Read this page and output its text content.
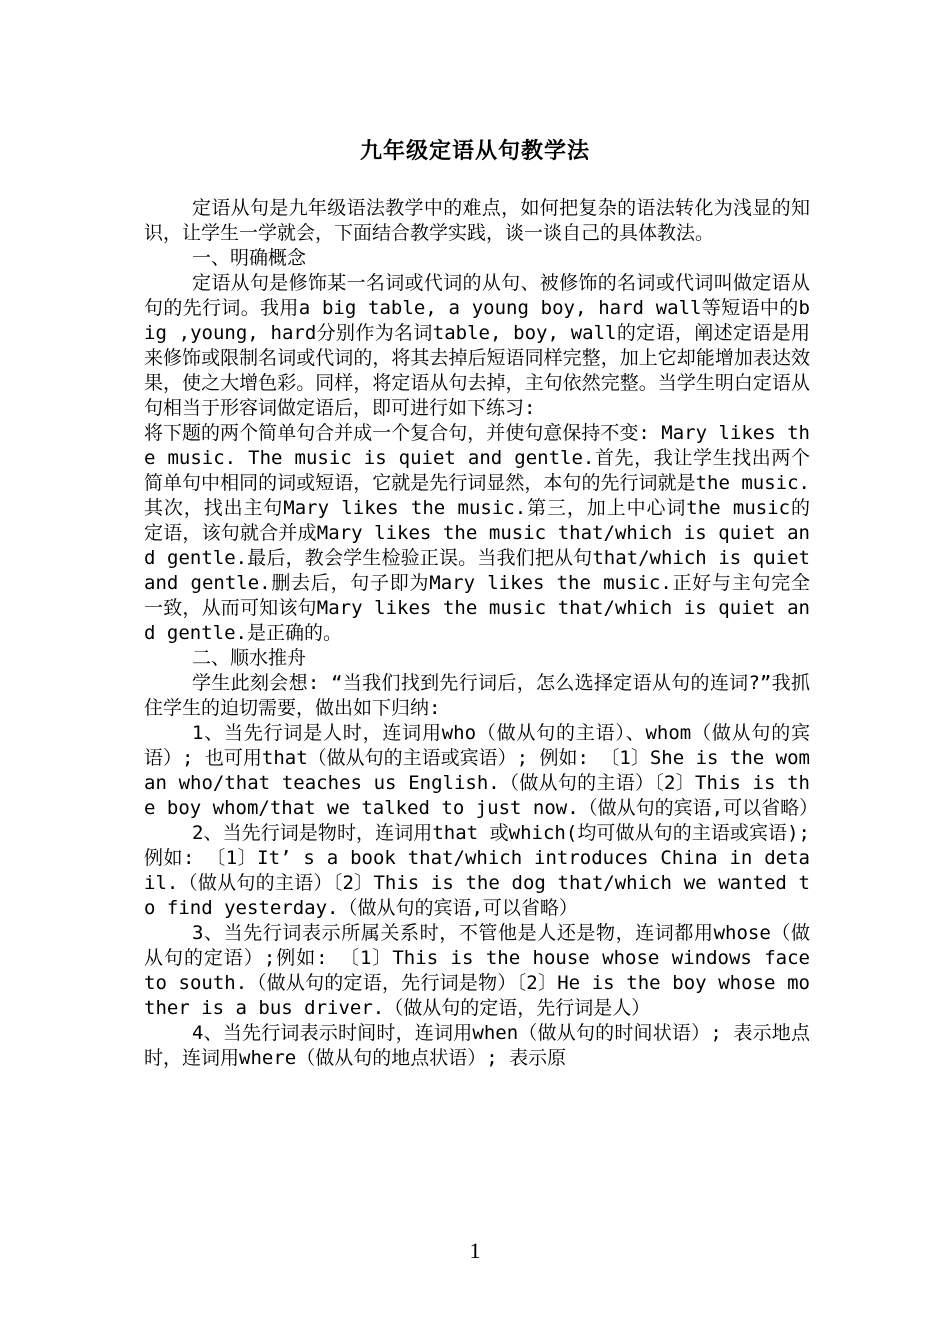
九年级定语从句教学法

定语从句是九年级语法教学中的难点，如何把复杂的语法转化为浅显的知识，让学生一学就会，下面结合教学实践，谈一谈自己的具体教法。

一、明确概念

定语从句是修饰某一名词或代词的从句、被修饰的名词或代词叫做定语从句的先行词。我用a big table, a young boy, hard wall等短语中的big ,young, hard分别作为名词table, boy, wall的定语，阐述定语是用来修饰或限制名词或代词的，将其去掉后短语同样完整，加上它却能增加表达效果，使之大增色彩。同样，将定语从句去掉，主句依然完整。当学生明白定语从句相当于形容词做定语后，即可进行如下练习:

将下题的两个简单句合并成一个复合句，并使句意保持不变: Mary likes the music. The music is quiet and gentle.首先，我让学生找出两个简单句中相同的词或短语，它就是先行词显然，本句的先行词就是the music.其次，找出主句Mary likes the music.第三，加上中心词the music的定语，该句就合并成Mary likes the music that/which is quiet and gentle.最后，教会学生检验正误。当我们把从句that/which is quiet and gentle.删去后，句子即为Mary likes the music.正好与主句完全一致，从而可知该句Mary likes the music that/which is quiet and gentle.是正确的。

二、顺水推舟

学生此刻会想: “当我们找到先行词后，怎么选择定语从句的连词?”我抓住学生的迫切需要，做出如下归纳:

1、当先行词是人时，连词用who（做从句的主语）、whom（做从句的宾语）; 也可用that（做从句的主语或宾语）; 例如: 〔1〕She is the woman who/that teaches us English.（做从句的主语）〔2〕This is the boy whom/that we talked to just now.（做从句的宾语,可以省略）

2、当先行词是物时，连词用that 或which(均可做从句的主语或宾语); 例如: 〔1〕It’ s a book that/which introduces China in detail.（做从句的主语）〔2〕This is the dog that/which we wanted to find yesterday.（做从句的宾语,可以省略）

3、当先行词表示所属关系时，不管他是人还是物，连词都用whose（做从句的定语）;例如: 〔1〕This is the house whose windows face to south.（做从句的定语，先行词是物）〔2〕He is the boy whose mother is a bus driver.（做从句的定语，先行词是人）

4、当先行词表示时间时，连词用when（做从句的时间状语）; 表示地点时，连词用where（做从句的地点状语）; 表示原

1
